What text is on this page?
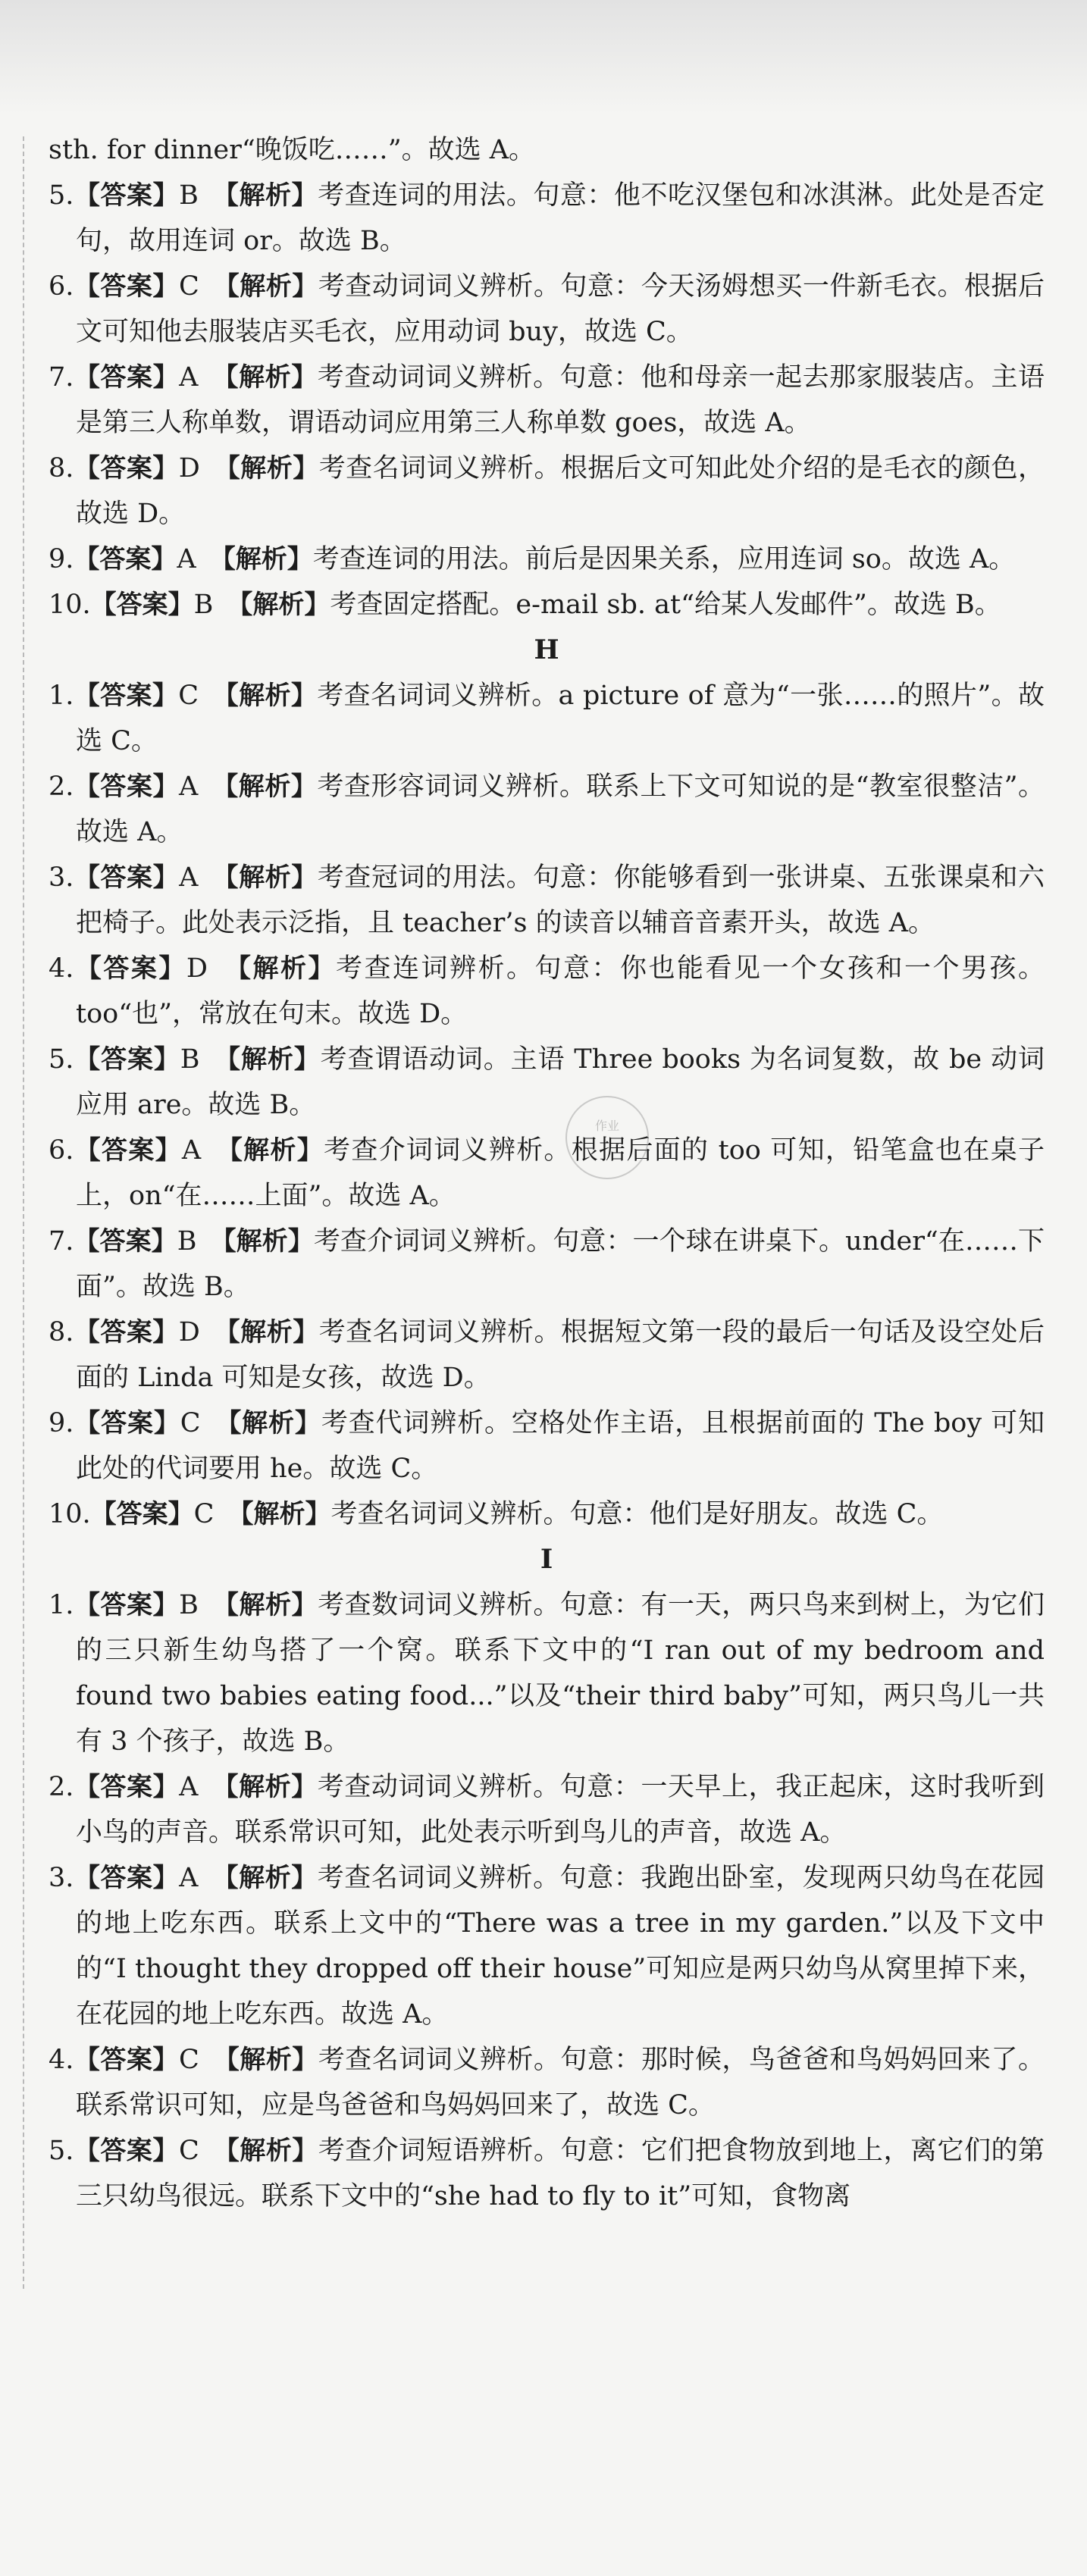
sth. for dinner“晚饭吃……”。故选 A。

5.【答案】B　 【解析】考查连词的用法。句意：他不吃汉堡包和冰淇淋。此处是否定句，故用连词 or。故选 B。

6.【答案】C　 【解析】考查动词词义辨析。句意：今天汤姆想买一件新毛衣。根据后文可知他去服装店买毛衣，应用动词 buy，故选 C。

7.【答案】A　 【解析】考查动词词义辨析。句意：他和母亲一起去那家服装店。主语是第三人称单数，谓语动词应用第三人称单数 goes，故选 A。

8.【答案】D　 【解析】考查名词词义辨析。根据后文可知此处介绍的是毛衣的颜色，故选 D。

9.【答案】A　 【解析】考查连词的用法。前后是因果关系，应用连词 so。故选 A。

10.【答案】B　 【解析】考查固定搭配。e-mail sb. at“给某人发邮件”。故选 B。

H

1.【答案】C　 【解析】考查名词词义辨析。a picture of 意为“一张……的照片”。故选 C。

2.【答案】A　 【解析】考查形容词词义辨析。联系上下文可知说的是“教室很整洁”。故选 A。

3.【答案】A　 【解析】考查冠词的用法。句意：你能够看到一张讲桌、五张课桌和六把椅子。此处表示泛指，且 teacher’s 的读音以辅音音素开头，故选 A。

4.【答案】D　 【解析】考查连词辨析。句意：你也能看见一个女孩和一个男孩。too“也”，常放在句末。故选 D。

5.【答案】B　 【解析】考查谓语动词。主语 Three books 为名词复数，故 be 动词应用 are。故选 B。

6.【答案】A　 【解析】考查介词词义辨析。根据后面的 too 可知，铅笔盒也在桌子上，on“在……上面”。故选 A。

7.【答案】B　 【解析】考查介词词义辨析。句意：一个球在讲桌下。under“在……下面”。故选 B。

8.【答案】D　 【解析】考查名词词义辨析。根据短文第一段的最后一句话及设空处后面的 Linda 可知是女孩，故选 D。

9.【答案】C　 【解析】考查代词辨析。空格处作主语，且根据前面的 The boy 可知此处的代词要用 he。故选 C。

10.【答案】C　 【解析】考查名词词义辨析。句意：他们是好朋友。故选 C。

I

1.【答案】B　 【解析】考查数词词义辨析。句意：有一天，两只鸟来到树上，为它们的三只新生幼鸟搭了一个窝。联系下文中的“I ran out of my bedroom and found two babies eating food...”以及“their third baby”可知，两只鸟儿一共有 3 个孩子，故选 B。

2.【答案】A　 【解析】考查动词词义辨析。句意：一天早上，我正起床，这时我听到小鸟的声音。联系常识可知，此处表示听到鸟儿的声音，故选 A。

3.【答案】A　 【解析】考查名词词义辨析。句意：我跑出卧室，发现两只幼鸟在花园的地上吃东西。联系上文中的“There was a tree in my garden.”以及下文中的“I thought they dropped off their house”可知应是两只幼鸟从窝里掉下来，在花园的地上吃东西。故选 A。

4.【答案】C　 【解析】考查名词词义辨析。句意：那时候，鸟爸爸和鸟妈妈回来了。联系常识可知，应是鸟爸爸和鸟妈妈回来了，故选 C。

5.【答案】C　 【解析】考查介词短语辨析。句意：它们把食物放到地上，离它们的第三只幼鸟很远。联系下文中的“she had to fly to it”可知，食物离

作业
